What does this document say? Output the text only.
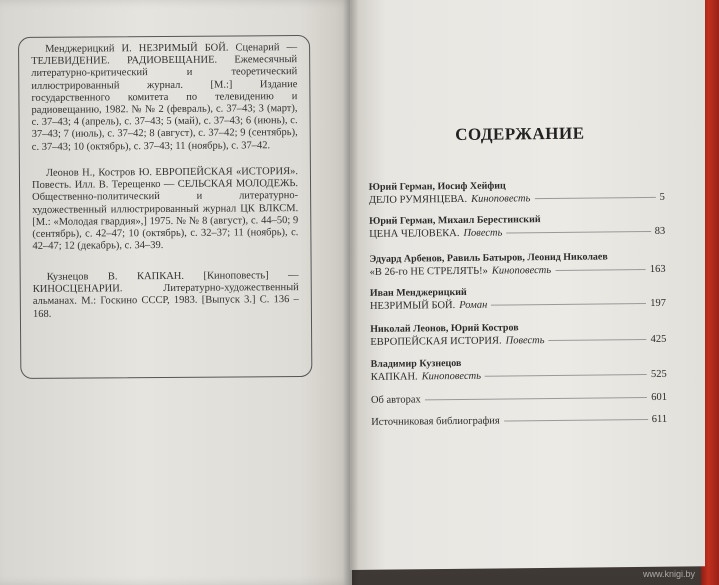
Менджерицкий И. НЕЗРИМЫЙ БОЙ. Сценарий — ТЕЛЕВИДЕНИЕ. РАДИОВЕЩАНИЕ. Ежемесячный литературно-критический и теоретический иллюстрированный журнал. [М.:] Издание государственного комитета по телевидению и радиовещанию, 1982. № № 2 (февраль), с. 37–43; 3 (март), с. 37–43; 4 (апрель), с. 37–43; 5 (май), с. 37–43; 6 (июнь), с. 37–43; 7 (июль), с. 37–42; 8 (август), с. 37–42; 9 (сентябрь), с. 37–43; 10 (октябрь), с. 37–43; 11 (ноябрь), с. 37–42.

Леонов Н., Костров Ю. ЕВРОПЕЙСКАЯ «ИСТОРИЯ». Повесть. Илл. В. Терещенко — СЕЛЬСКАЯ МОЛОДЕЖЬ. Общественно-политический и литературно-художественный иллюстрированный журнал ЦК ВЛКСМ. [М.: «Молодая гвардия»,] 1975. № № 8 (август), с. 44–50; 9 (сентябрь), с. 42–47; 10 (октябрь), с. 32–37; 11 (ноябрь), с. 42–47; 12 (декабрь), с. 34–39.

Кузнецов В. КАПКАН. [Киноповесть] — КИНОСЦЕНАРИИ. Литературно-художественный альманах. М.: Госкино СССР, 1983. [Выпуск 3.] С. 136 – 168.

СОДЕРЖАНИЕ
Юрий Герман, Иосиф Хейфиц
ДЕЛО РУМЯНЦЕВА. Киноповесть	5
Юрий Герман, Михаил Берестинский
ЦЕНА ЧЕЛОВЕКА. Повесть	83
Эдуард Арбенов, Равиль Батыров, Леонид Николаев
«В 26-го НЕ СТРЕЛЯТЬ!» Киноповесть	163
Иван Менджерицкий
НЕЗРИМЫЙ БОЙ. Роман	197
Николай Леонов, Юрий Костров
ЕВРОПЕЙСКАЯ ИСТОРИЯ. Повесть	425
Владимир Кузнецов
КАПКАН. Киноповесть	525
Об авторах	601
Источниковая библиография	611
www.knigi.by
